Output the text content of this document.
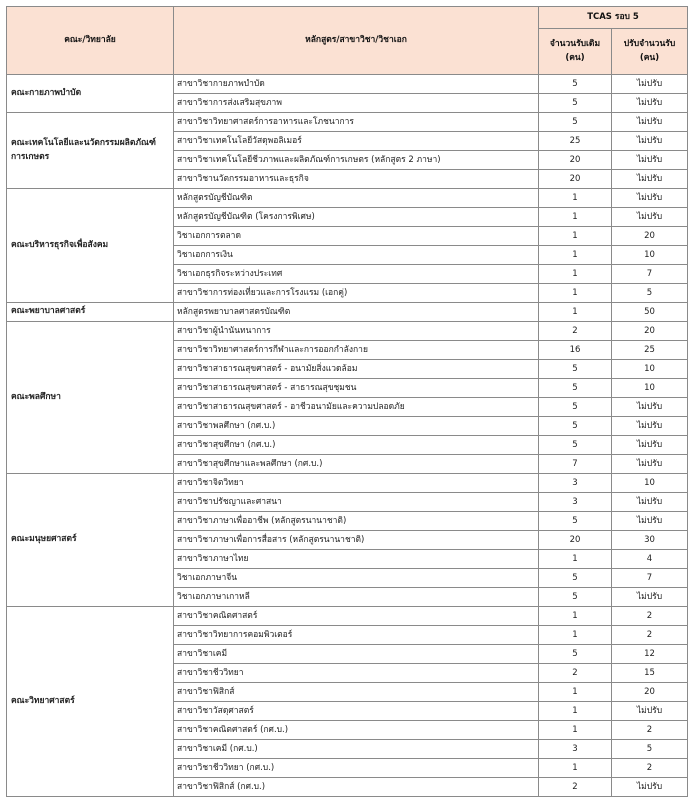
คณะ/วิทยาลัย	หลักสูตร/สาขาวิชา/วิชาเอก	TCAS รอบ 5	
		จำนวนรับเดิม (คน)	ปรับจำนวนรับ (คน)
คณะกายภาพบำบัด	สาขาวิชากายภาพบำบัด	5	ไม่ปรับ
	สาขาวิชาการส่งเสริมสุขภาพ	5	ไม่ปรับ
คณะเทคโนโลยีและนวัตกรรมผลิตภัณฑ์การเกษตร	สาขาวิชาวิทยาศาสตร์การอาหารและโภชนาการ	5	ไม่ปรับ
	สาขาวิชาเทคโนโลยีวัสดุพอลิเมอร์	25	ไม่ปรับ
	สาขาวิชาเทคโนโลยีชีวภาพและผลิตภัณฑ์การเกษตร (หลักสูตร 2 ภาษา)	20	ไม่ปรับ
	สาขาวิชานวัตกรรมอาหารและธุรกิจ	20	ไม่ปรับ
คณะบริหารธุรกิจเพื่อสังคม	หลักสูตรบัญชีบัณฑิต	1	ไม่ปรับ
	หลักสูตรบัญชีบัณฑิต (โครงการพิเศษ)	1	ไม่ปรับ
	วิชาเอกการตลาด	1	20
	วิชาเอกการเงิน	1	10
	วิชาเอกธุรกิจระหว่างประเทศ	1	7
	สาขาวิชาการท่องเที่ยวและการโรงแรม (เอกคู่)	1	5
คณะพยาบาลศาสตร์	หลักสูตรพยาบาลศาสตรบัณฑิต	1	50
คณะพลศึกษา	สาขาวิชาผู้นำนันทนาการ	2	20
	สาขาวิชาวิทยาศาสตร์การกีฬาและการออกกำลังกาย	16	25
	สาขาวิชาสาธารณสุขศาสตร์ - อนามัยสิ่งแวดล้อม	5	10
	สาขาวิชาสาธารณสุขศาสตร์ - สาธารณสุขชุมชน	5	10
	สาขาวิชาสาธารณสุขศาสตร์ - อาชีวอนามัยและความปลอดภัย	5	ไม่ปรับ
	สาขาวิชาพลศึกษา (กศ.บ.)	5	ไม่ปรับ
	สาขาวิชาสุขศึกษา (กศ.บ.)	5	ไม่ปรับ
	สาขาวิชาสุขศึกษาและพลศึกษา (กศ.บ.)	7	ไม่ปรับ
คณะมนุษยศาสตร์	สาขาวิชาจิตวิทยา	3	10
	สาขาวิชาปรัชญาและศาสนา	3	ไม่ปรับ
	สาขาวิชาภาษาเพื่ออาชีพ (หลักสูตรนานาชาติ)	5	ไม่ปรับ
	สาขาวิชาภาษาเพื่อการสื่อสาร (หลักสูตรนานาชาติ)	20	30
	สาขาวิชาภาษาไทย	1	4
	วิชาเอกภาษาจีน	5	7
	วิชาเอกภาษาเกาหลี	5	ไม่ปรับ
คณะวิทยาศาสตร์	สาขาวิชาคณิตศาสตร์	1	2
	สาขาวิชาวิทยาการคอมพิวเตอร์	1	2
	สาขาวิชาเคมี	5	12
	สาขาวิชาชีววิทยา	2	15
	สาขาวิชาฟิสิกส์	1	20
	สาขาวิชาวัสดุศาสตร์	1	ไม่ปรับ
	สาขาวิชาคณิตศาสตร์ (กศ.บ.)	1	2
	สาขาวิชาเคมี (กศ.บ.)	3	5
	สาขาวิชาชีววิทยา (กศ.บ.)	1	2
	สาขาวิชาฟิสิกส์ (กศ.บ.)	2	ไม่ปรับ
